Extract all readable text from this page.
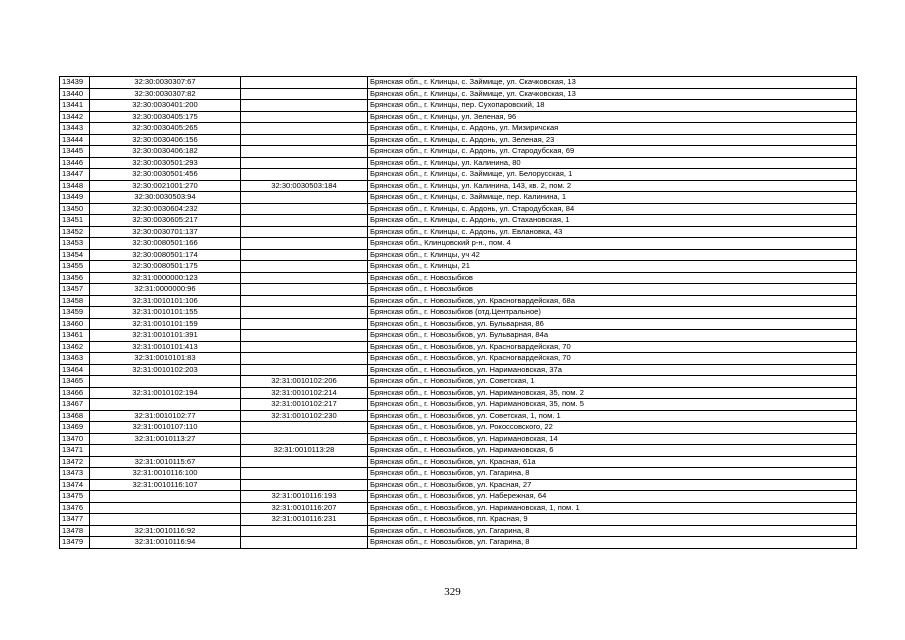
13439	32:30:0030307:67		Брянская обл., г. Клинцы, с. Займище, ул. Скачковская, 13
13440	32:30:0030307:82		Брянская обл., г. Клинцы, с. Займище, ул. Скачковская, 13
13441	32:30:0030401:200		Брянская обл., г. Клинцы, пер. Сухопаровский, 18
13442	32:30:0030405:175		Брянская обл., г. Клинцы, ул. Зеленая, 96
13443	32:30:0030405:265		Брянская обл., г. Клинцы, с. Ардонь, ул. Мизиричская
13444	32:30:0030406:156		Брянская обл., г. Клинцы, с. Ардонь, ул. Зеленая, 23
13445	32:30:0030406:182		Брянская обл., г. Клинцы, с. Ардонь, ул. Стародубская, 69
13446	32:30:0030501:293		Брянская обл., г. Клинцы, ул. Калинина, 80
13447	32:30:0030501:456		Брянская обл., г. Клинцы, с. Займище, ул. Белорусская, 1
13448	32:30:0021001:270	32:30:0030503:184	Брянская обл., г. Клинцы, ул. Калинина, 143, кв. 2, пом. 2
13449	32:30:0030503:94		Брянская обл., г. Клинцы, с. Займище, пер. Калинина, 1
13450	32:30:0030604:232		Брянская обл., г. Клинцы, с. Ардонь, ул. Стародубская, 84
13451	32:30:0030605:217		Брянская обл., г. Клинцы, с. Ардонь, ул. Стахановская, 1
13452	32:30:0030701:137		Брянская обл., г. Клинцы, с. Ардонь, ул. Евлановка, 43
13453	32:30:0080501:166		Брянская обл., Клинцовский р-н., пом. 4
13454	32:30:0080501:174		Брянская обл., г. Клинцы, уч 42
13455	32:30:0080501:175		Брянская обл., г. Клинцы, 21
13456	32:31:0000000:123		Брянская обл., г. Новозыбков
13457	32:31:0000000:96		Брянская обл., г. Новозыбков
13458	32:31:0010101:106		Брянская обл., г. Новозыбков, ул. Красногвардейская, 68а
13459	32:31:0010101:155		Брянская обл., г. Новозыбков (отд.Центральное)
13460	32:31:0010101:159		Брянская обл., г. Новозыбков, ул. Бульварная, 86
13461	32:31:0010101:391		Брянская обл., г. Новозыбков, ул. Бульварная, 84а
13462	32:31:0010101:413		Брянская обл., г. Новозыбков, ул. Красногвардейская, 70
13463	32:31:0010101:83		Брянская обл., г. Новозыбков, ул. Красногвардейская, 70
13464	32:31:0010102:203		Брянская обл., г. Новозыбков, ул. Наримановская, 37а
13465		32:31:0010102:206	Брянская обл., г. Новозыбков, ул. Советская, 1
13466	32:31:0010102:194	32:31:0010102:214	Брянская обл., г. Новозыбков, ул. Наримановская, 35, пом. 2
13467		32:31:0010102:217	Брянская обл., г. Новозыбков, ул. Наримановская, 35, пом. 5
13468	32:31:0010102:77	32:31:0010102:230	Брянская обл., г. Новозыбков, ул. Советская, 1, пом. 1
13469	32:31:0010107:110		Брянская обл., г. Новозыбков, ул. Рокоссовского, 22
13470	32:31:0010113:27		Брянская обл., г. Новозыбков, ул. Наримановская, 14
13471		32:31:0010113:28	Брянская обл., г. Новозыбков, ул. Наримановская, 6
13472	32:31:0010115:67		Брянская обл., г. Новозыбков, ул. Красная, 61а
13473	32:31:0010116:100		Брянская обл., г. Новозыбков, ул. Гагарина, 8
13474	32:31:0010116:107		Брянская обл., г. Новозыбков, ул. Красная, 27
13475		32:31:0010116:193	Брянская обл., г. Новозыбков, ул. Набережная, 64
13476		32:31:0010116:207	Брянская обл., г. Новозыбков, ул. Наримановская, 1, пом. 1
13477		32:31:0010116:231	Брянская обл., г. Новозыбков, пл. Красная, 9
13478	32:31:0010116:92		Брянская обл., г. Новозыбков, ул. Гагарина, 8
13479	32:31:0010116:94		Брянская обл., г. Новозыбков, ул. Гагарина, 8
329
